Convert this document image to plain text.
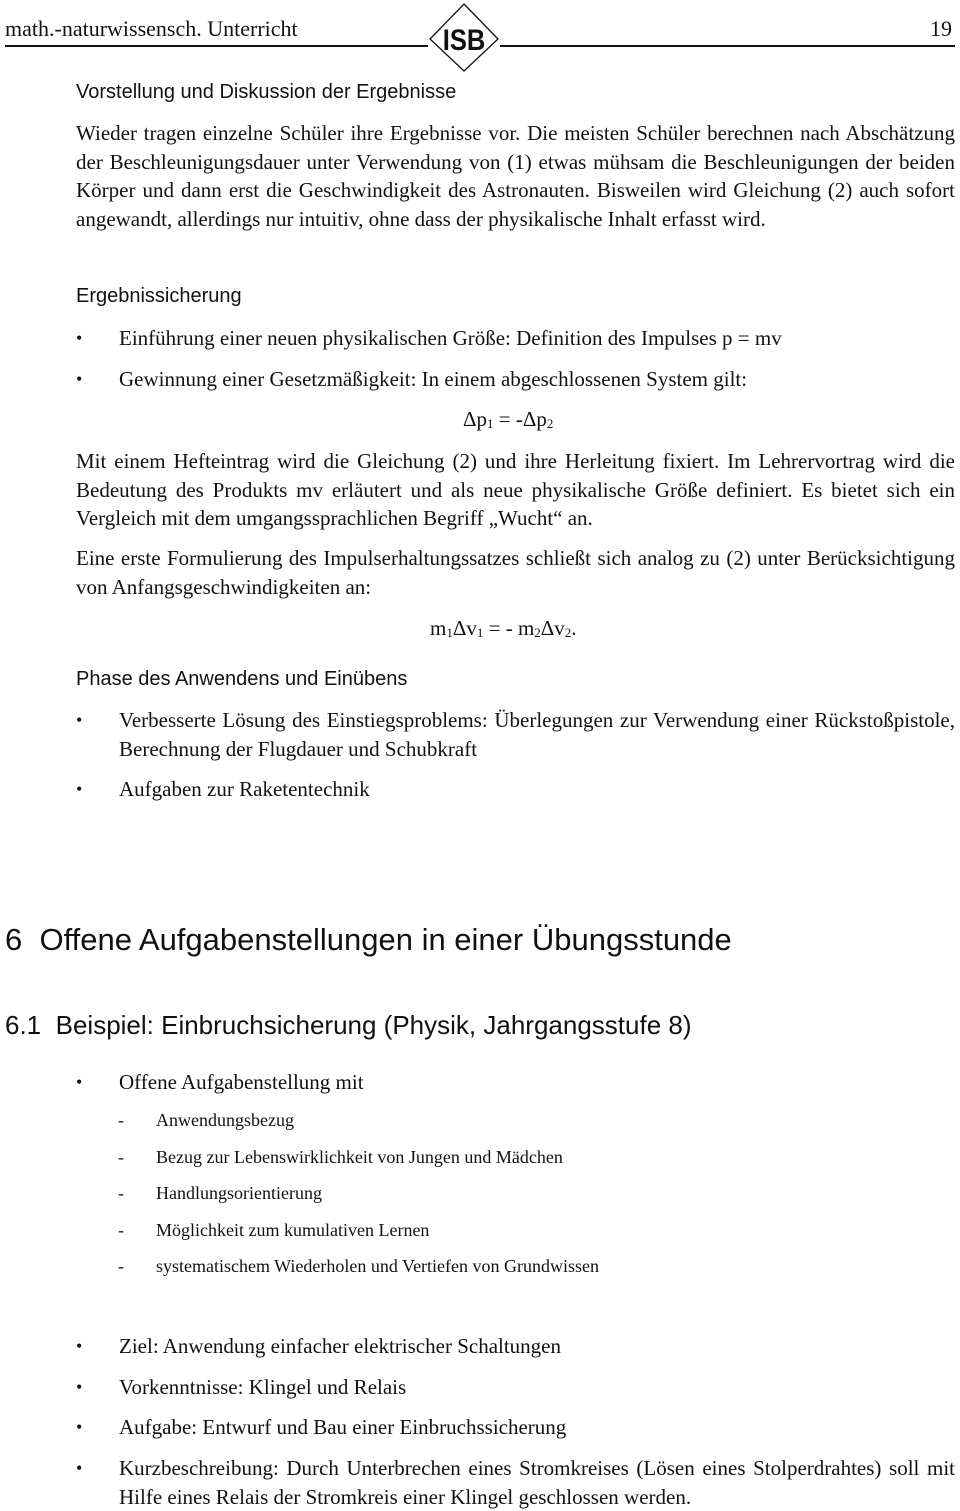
math.-naturwissensch. Unterricht	ISB	19
Vorstellung und Diskussion der Ergebnisse
Wieder tragen einzelne Schüler ihre Ergebnisse vor. Die meisten Schüler berechnen nach Abschätzung der Beschleunigungsdauer unter Verwendung von (1) etwas mühsam die Beschleunigungen der beiden Körper und dann erst die Geschwindigkeit des Astronauten. Bisweilen wird Gleichung (2) auch sofort angewandt, allerdings nur intuitiv, ohne dass der physikalische Inhalt erfasst wird.
Ergebnissicherung
• Einführung einer neuen physikalischen Größe: Definition des Impulses p = mv
• Gewinnung einer Gesetzmäßigkeit: In einem abgeschlossenen System gilt:
$\Delta p_1 = -\Delta p_2$
Mit einem Hefteintrag wird die Gleichung (2) und ihre Herleitung fixiert. Im Lehrervortrag wird die Bedeutung des Produkts mv erläutert und als neue physikalische Größe definiert. Es bietet sich ein Vergleich mit dem umgangssprachlichen Begriff „Wucht“ an.
Eine erste Formulierung des Impulserhaltungssatzes schließt sich analog zu (2) unter Berücksichtigung von Anfangsgeschwindigkeiten an:
$m_1\Delta v_1$ = - $m_2\Delta v_2$.
Phase des Anwendens und Einübens
• Verbesserte Lösung des Einstiegsproblems: Überlegungen zur Verwendung einer Rückstoßpistole, Berechnung der Flugdauer und Schubkraft
• Aufgaben zur Raketentechnik
6 Offene Aufgabenstellungen in einer Übungsstunde
6.1 Beispiel: Einbruchsicherung (Physik, Jahrgangsstufe 8)
• Offene Aufgabenstellung mit
- Anwendungsbezug
- Bezug zur Lebenswirklichkeit von Jungen und Mädchen
- Handlungsorientierung
- Möglichkeit zum kumulativen Lernen
- systematischem Wiederholen und Vertiefen von Grundwissen
• Ziel: Anwendung einfacher elektrischer Schaltungen
• Vorkenntnisse: Klingel und Relais
• Aufgabe: Entwurf und Bau einer Einbruchssicherung
• Kurzbeschreibung: Durch Unterbrechen eines Stromkreises (Lösen eines Stolperdrahtes) soll mit Hilfe eines Relais der Stromkreis einer Klingel geschlossen werden.
